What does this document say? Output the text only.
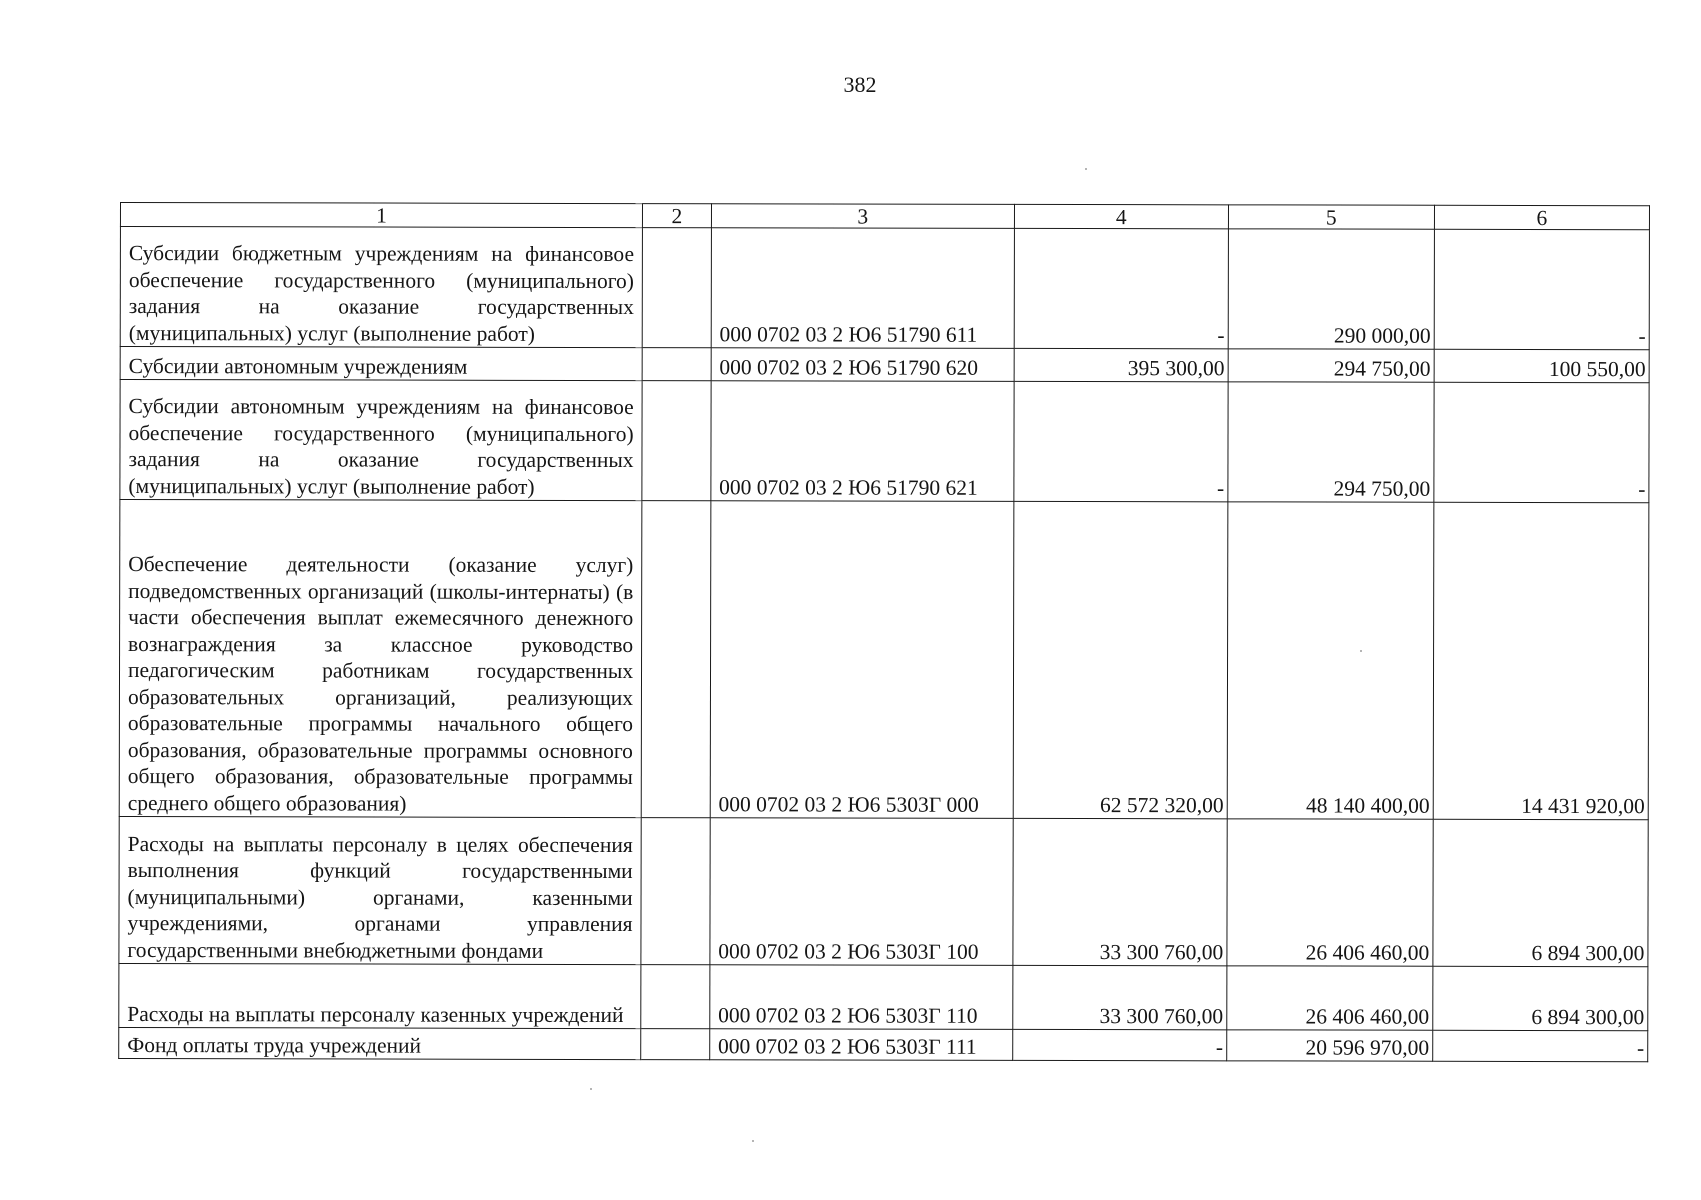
382
1	2	3	4	5	6
Субсидии бюджетным учреждениям на финансовое обеспечение государственного (муниципального) задания на оказание государственных (муниципальных) услуг (выполнение работ)		000 0702 03 2 Ю6 51790 611	-	290 000,00	-
Субсидии автономным учреждениям		000 0702 03 2 Ю6 51790 620	395 300,00	294 750,00	100 550,00
Субсидии автономным учреждениям на финансовое обеспечение государственного (муниципального) задания на оказание государственных (муниципальных) услуг (выполнение работ)		000 0702 03 2 Ю6 51790 621	-	294 750,00	-
Обеспечение деятельности (оказание услуг) подведомственных организаций (школы-интернаты) (в части обеспечения выплат ежемесячного денежного вознаграждения за классное руководство педагогическим работникам государственных образовательных организаций, реализующих образовательные программы начального общего образования, образовательные программы основного общего образования, образовательные программы среднего общего образования)		000 0702 03 2 Ю6 5303Г 000	62 572 320,00	48 140 400,00	14 431 920,00
Расходы на выплаты персоналу в целях обеспечения выполнения функций государственными (муниципальными) органами, казенными учреждениями, органами управления государственными внебюджетными фондами		000 0702 03 2 Ю6 5303Г 100	33 300 760,00	26 406 460,00	6 894 300,00
Расходы на выплаты персоналу казенных учреждений		000 0702 03 2 Ю6 5303Г 110	33 300 760,00	26 406 460,00	6 894 300,00
Фонд оплаты труда учреждений		000 0702 03 2 Ю6 5303Г 111	-	20 596 970,00	-
